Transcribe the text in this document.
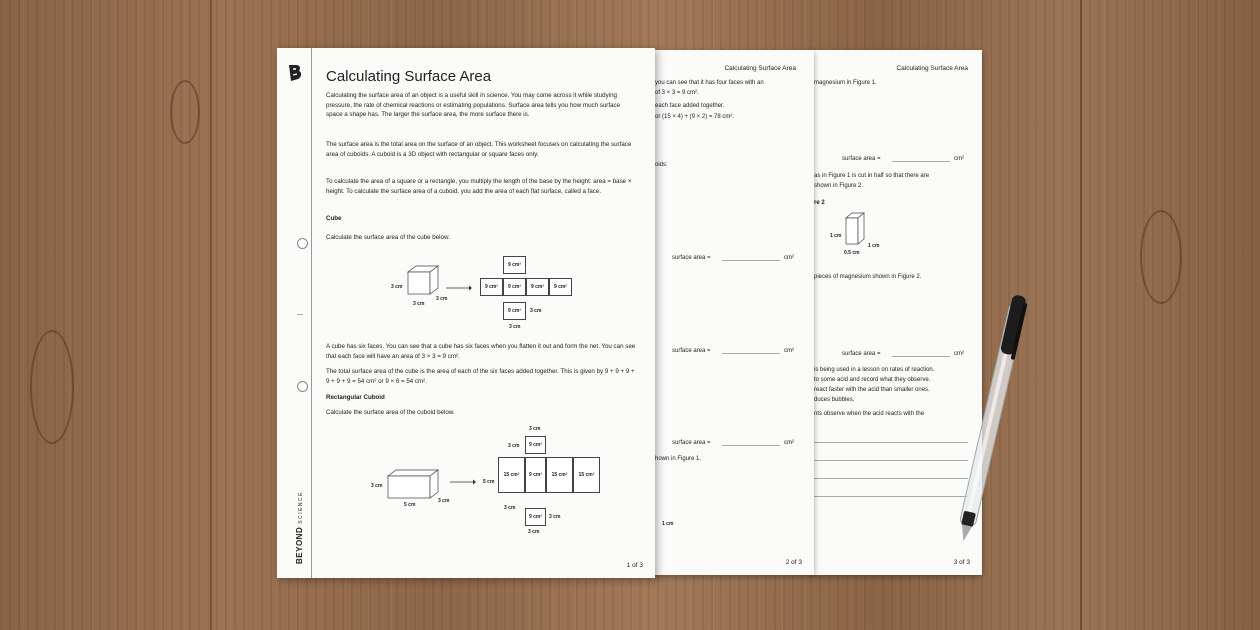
Calculating Surface Area
magnesium in Figure 1.
surface area =	cm²
as in Figure 1 is cut in half so that there are
shown in Figure 2.
re 2
1 cm
1 cm
0.5 cm
pieces of magnesium shown in Figure 2.
surface area =	cm²
is being used in a lesson on rates of reaction.
to some acid and record what they observe.
react faster with the acid than smaller ones.
duces bubbles.
nts observe when the acid reacts with the
3 of 3
Calculating Surface Area
you can see that it has four faces with an
of 3 × 3 = 9 cm².
each face added together.
or (15 × 4) + (9 × 2) = 78 cm².
oids:
surface area =	cm²
surface area =	cm²
surface area =	cm²
hown in Figure 1.
1 cm
2 of 3
BEYONDSCIENCE
Calculating Surface Area
Calculating the surface area of an object is a useful skill in science. You may come across it while studying pressure, the rate of chemical reactions or estimating populations. Surface area tells you how much surface space a shape has. The larger the surface area, the more surface there is.
The surface area is the total area on the surface of an object. This worksheet focuses on calculating the surface area of cuboids. A cuboid is a 3D object with rectangular or square faces only.
To calculate the area of a square or a rectangle, you multiply the length of the base by the height: area = base × height. To calculate the surface area of a cuboid, you add the area of each flat surface, called a face.
Cube
Calculate the surface area of the cube below.
3 cm
3 cm
3 cm
9 cm²
9 cm²	9 cm²	9 cm²	9 cm²
9 cm²	3 cm
3 cm
A cube has six faces. You can see that a cube has six faces when you flatten it out and form the net. You can see that each face will have an area of 3 × 3 = 9 cm².
The total surface area of the cube is the area of each of the six faces added together. This is given by 9 + 9 + 9 + 9 + 9 + 9 = 54 cm² or 9 × 6 = 54 cm².
Rectangular Cuboid
Calculate the surface area of the cuboid below.
3 cm
5 cm
3 cm
3 cm
3 cm	9 cm²
5 cm
15 cm²	9 cm²	15 cm²	15 cm²
3 cm
9 cm²	3 cm
3 cm
1 of 3
